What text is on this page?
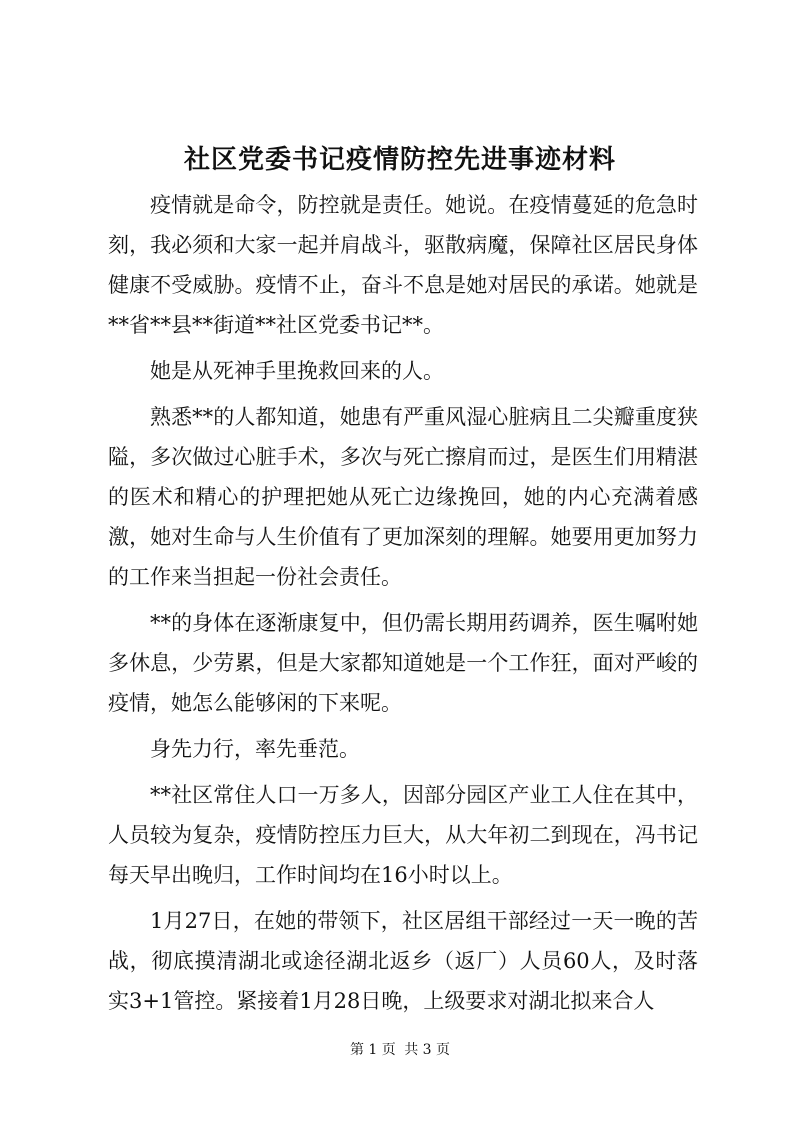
社区党委书记疫情防控先进事迹材料

疫情就是命令，防控就是责任。她说。在疫情蔓延的危急时刻，我必须和大家一起并肩战斗，驱散病魔，保障社区居民身体健康不受威胁。疫情不止，奋斗不息是她对居民的承诺。她就是**省**县**街道**社区党委书记**。

她是从死神手里挽救回来的人。

熟悉**的人都知道，她患有严重风湿心脏病且二尖瓣重度狭隘，多次做过心脏手术，多次与死亡擦肩而过，是医生们用精湛的医术和精心的护理把她从死亡边缘挽回，她的内心充满着感激，她对生命与人生价值有了更加深刻的理解。她要用更加努力的工作来当担起一份社会责任。

**的身体在逐渐康复中，但仍需长期用药调养，医生嘱咐她多休息，少劳累，但是大家都知道她是一个工作狂，面对严峻的疫情，她怎么能够闲的下来呢。

身先力行，率先垂范。

**社区常住人口一万多人，因部分园区产业工人住在其中，人员较为复杂，疫情防控压力巨大，从大年初二到现在，冯书记每天早出晚归，工作时间均在16小时以上。

1月27日，在她的带领下，社区居组干部经过一天一晚的苦战，彻底摸清湖北或途径湖北返乡（返厂）人员60人，及时落实3+1管控。紧接着1月28日晚，上级要求对湖北拟来合人

第 1 页 共 3 页
